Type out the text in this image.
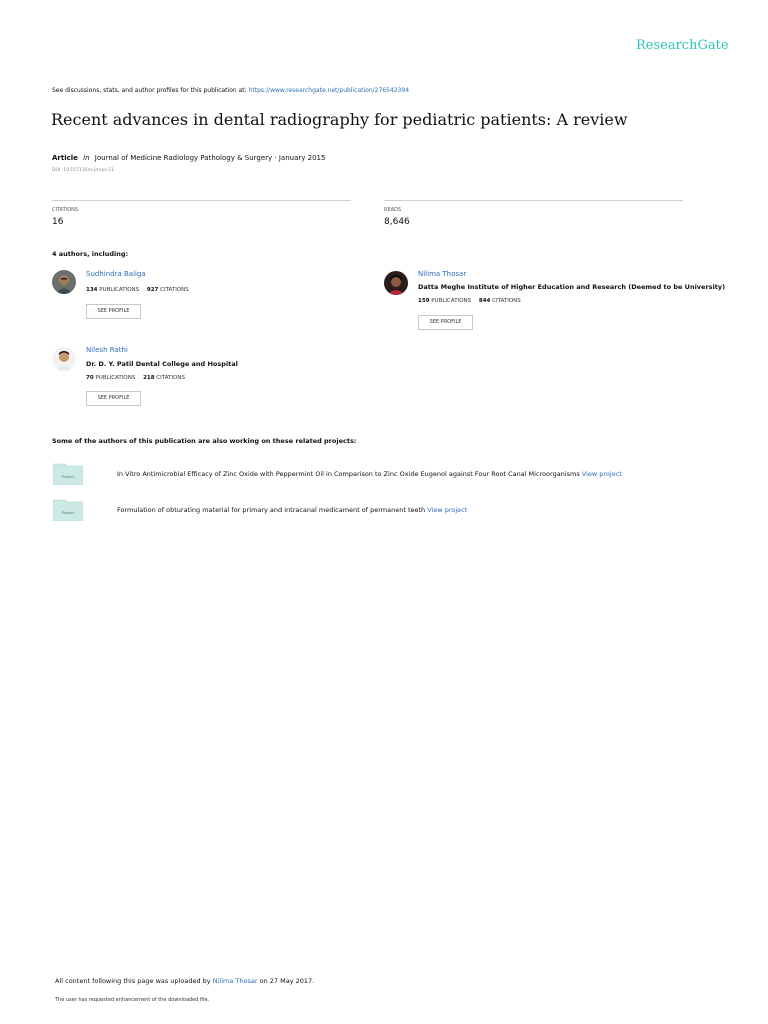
ResearchGate
See discussions, stats, and author profiles for this publication at: https://www.researchgate.net/publication/276542394
Recent advances in dental radiography for pediatric patients: A review
Article in Journal of Medicine Radiology Pathology & Surgery · January 2015
DOI: 10.15713/ins.jmrps.11
CITATIONS
16
READS
8,646
4 authors, including:
Sudhindra Baliga
134 PUBLICATIONS 927 CITATIONS
SEE PROFILE
Nilima Thosar
Datta Meghe Institute of Higher Education and Research (Deemed to be University)
159 PUBLICATIONS 844 CITATIONS
SEE PROFILE
Nilesh Rathi
Dr. D. Y. Patil Dental College and Hospital
70 PUBLICATIONS 218 CITATIONS
SEE PROFILE
Some of the authors of this publication are also working on these related projects:
Project	In Vitro Antimicrobial Efficacy of Zinc Oxide with Peppermint Oil in Comparison to Zinc Oxide Eugenol against Four Root Canal Microorganisms View project
Project	Formulation of obturating material for primary and intracanal medicament of permanent teeth View project
All content following this page was uploaded by Nilima Thosar on 27 May 2017.
The user has requested enhancement of the downloaded file.
